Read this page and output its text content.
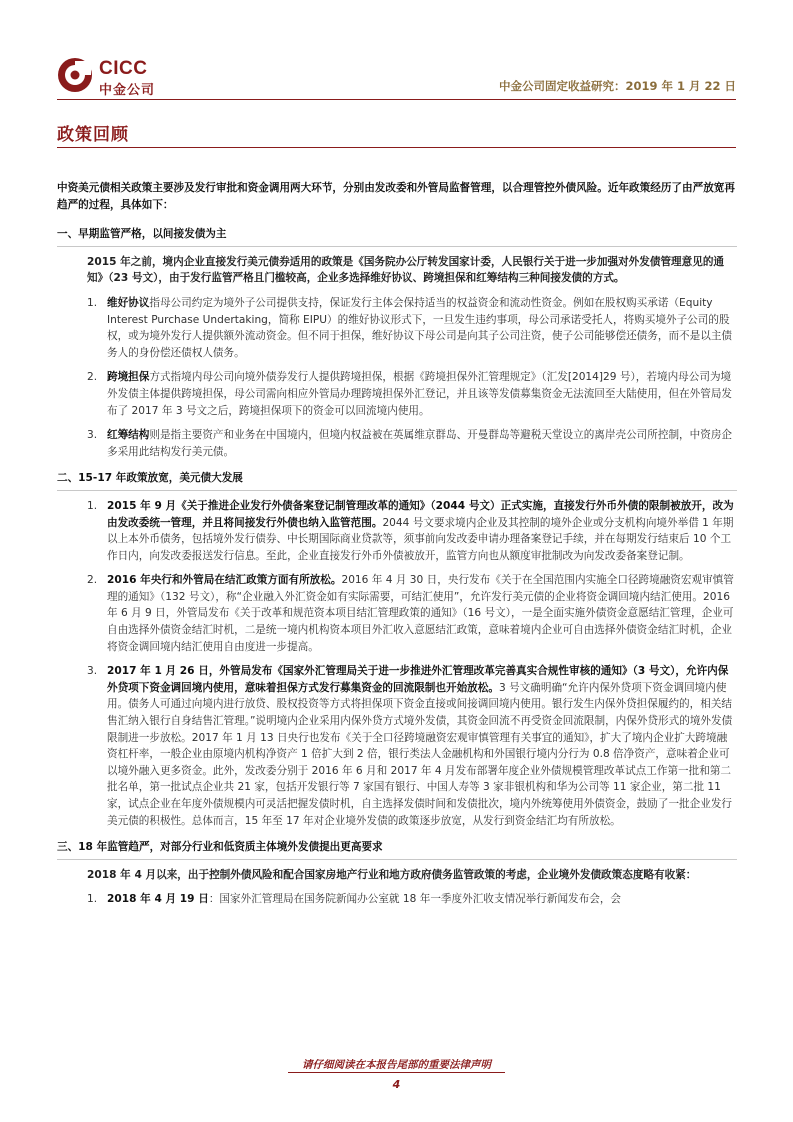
CICC
中金公司	中金公司固定收益研究：2019 年 1 月 22 日
政策回顾

中资美元债相关政策主要涉及发行审批和资金调用两大环节，分别由发改委和外管局监督管理，以合理管控外债风险。近年政策经历了由严放宽再趋严的过程，具体如下：

一、早期监管严格，以间接发债为主

2015 年之前，境内企业直接发行美元债券适用的政策是《国务院办公厅转发国家计委，人民银行关于进一步加强对外发债管理意见的通知》（23 号文），由于发行监管严格且门槛较高，企业多选择维好协议、跨境担保和红筹结构三种间接发债的方式。

1. 维好协议指母公司约定为境外子公司提供支持，保证发行主体会保持适当的权益资金和流动性资金。例如在股权购买承诺（Equity Interest Purchase Undertaking，简称 EIPU）的维好协议形式下，一旦发生违约事项，母公司承诺受托人，将购买境外子公司的股权，或为境外发行人提供额外流动资金。但不同于担保，维好协议下母公司是向其子公司注资，使子公司能够偿还债务，而不是以主债务人的身份偿还债权人债务。
2. 跨境担保方式指境内母公司向境外债券发行人提供跨境担保，根据《跨境担保外汇管理规定》（汇发[2014]29 号），若境内母公司为境外发债主体提供跨境担保，母公司需向相应外管局办理跨境担保外汇登记，并且该等发债募集资金无法流回至大陆使用，但在外管局发布了 2017 年 3 号文之后，跨境担保项下的资金可以回流境内使用。
3. 红筹结构则是指主要资产和业务在中国境内，但境内权益被在英属维京群岛、开曼群岛等避税天堂设立的离岸壳公司所控制，中资房企多采用此结构发行美元债。

二、15-17 年政策放宽，美元债大发展

1. 2015 年 9 月《关于推进企业发行外债备案登记制管理改革的通知》（2044 号文）正式实施，直接发行外币外债的限制被放开，改为由发改委统一管理，并且将间接发行外债也纳入监管范围。2044 号文要求境内企业及其控制的境外企业或分支机构向境外举借 1 年期以上本外币债务，包括境外发行债券、中长期国际商业贷款等，须事前向发改委申请办理备案登记手续，并在每期发行结束后 10 个工作日内，向发改委报送发行信息。至此，企业直接发行外币外债被放开，监管方向也从额度审批制改为向发改委备案登记制。
2. 2016 年央行和外管局在结汇政策方面有所放松。2016 年 4 月 30 日，央行发布《关于在全国范围内实施全口径跨境融资宏观审慎管理的通知》（132 号文），称“企业融入外汇资金如有实际需要，可结汇使用”，允许发行美元债的企业将资金调回境内结汇使用。2016 年 6 月 9 日，外管局发布《关于改革和规范资本项目结汇管理政策的通知》（16 号文），一是全面实施外债资金意愿结汇管理，企业可自由选择外债资金结汇时机，二是统一境内机构资本项目外汇收入意愿结汇政策，意味着境内企业可自由选择外债资金结汇时机，企业将资金调回境内结汇使用自由度进一步提高。
3. 2017 年 1 月 26 日，外管局发布《国家外汇管理局关于进一步推进外汇管理改革完善真实合规性审核的通知》（3 号文），允许内保外贷项下资金调回境内使用，意味着担保方式发行募集资金的回流限制也开始放松。3 号文确明确“允许内保外贷项下资金调回境内使用。债务人可通过向境内进行放贷、股权投资等方式将担保项下资金直接或间接调回境内使用。银行发生内保外贷担保履约的，相关结售汇纳入银行自身结售汇管理。”说明境内企业采用内保外贷方式境外发债，其资金回流不再受资金回流限制，内保外贷形式的境外发债限制进一步放松。2017 年 1 月 13 日央行也发布《关于全口径跨境融资宏观审慎管理有关事宜的通知》，扩大了境内企业扩大跨境融资杠杆率，一般企业由原境内机构净资产 1 倍扩大到 2 倍，银行类法人金融机构和外国银行境内分行为 0.8 倍净资产，意味着企业可以境外融入更多资金。此外，发改委分别于 2016 年 6 月和 2017 年 4 月发布部署年度企业外债规模管理改革试点工作第一批和第二批名单，第一批试点企业共 21 家，包括开发银行等 7 家国有银行、中国人寿等 3 家非银机构和华为公司等 11 家企业，第二批 11 家，试点企业在年度外债规模内可灵活把握发债时机，自主选择发债时间和发债批次，境内外统筹使用外债资金，鼓励了一批企业发行美元债的积极性。总体而言，15 年至 17 年对企业境外发债的政策逐步放宽，从发行到资金结汇均有所放松。

三、18 年监管趋严，对部分行业和低资质主体境外发债提出更高要求

2018 年 4 月以来，出于控制外债风险和配合国家房地产行业和地方政府债务监管政策的考虑，企业境外发债政策态度略有收紧：

1. 2018 年 4 月 19 日：国家外汇管理局在国务院新闻办公室就 18 年一季度外汇收支情况举行新闻发布会，会
请仔细阅读在本报告尾部的重要法律声明
4
